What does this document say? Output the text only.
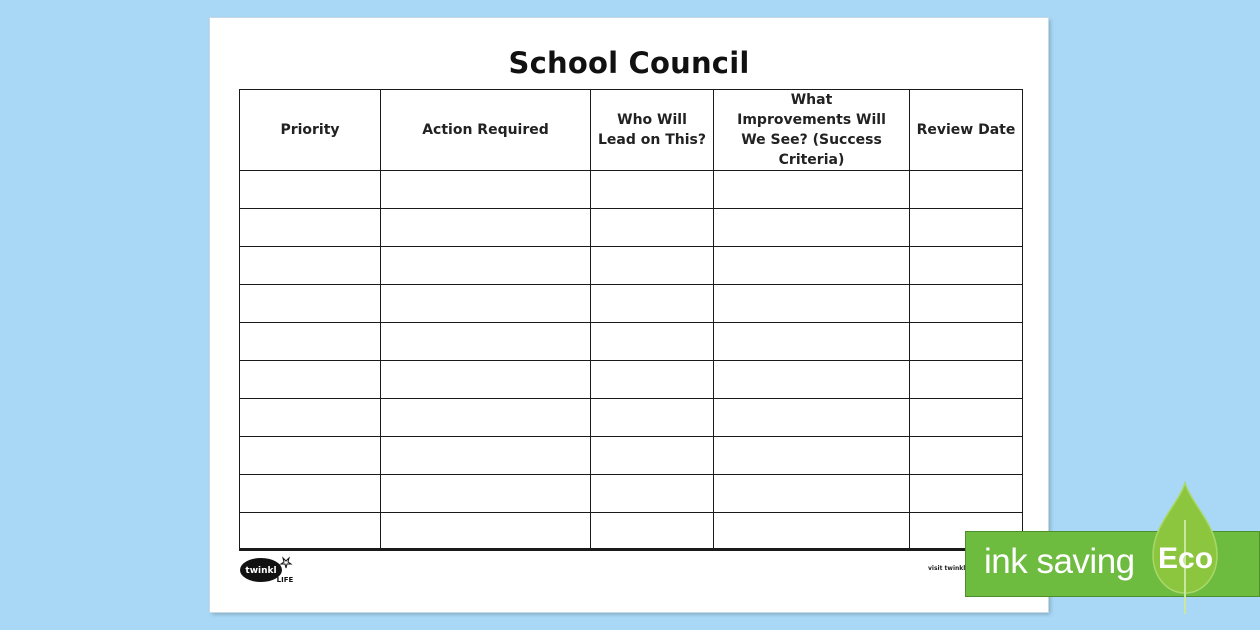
School Council
Priority	Action Required	Who Will Lead on This?	What Improvements Will We See? (Success Criteria)	Review Date

twinkl
LIFE
visit twinkl ink saving Eco
